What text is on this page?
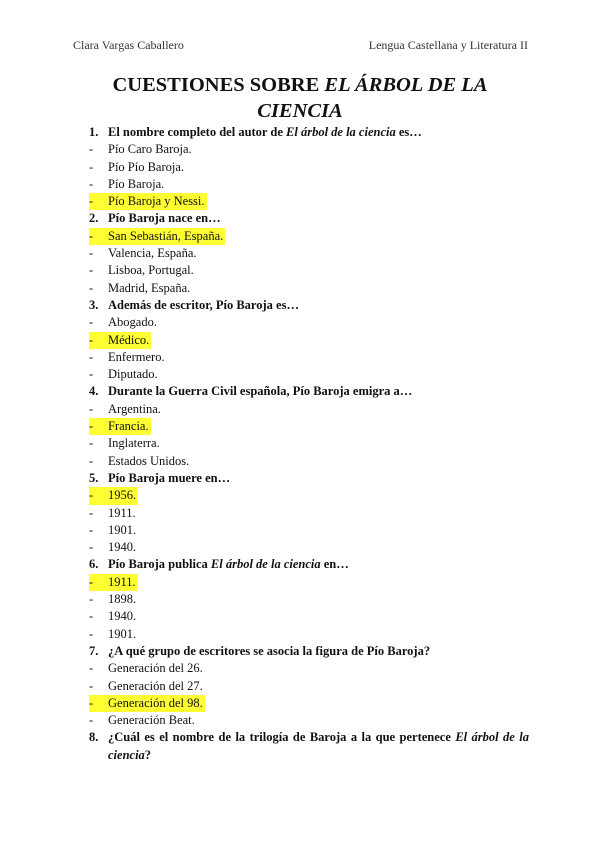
Clara Vargas Caballero	Lengua Castellana y Literatura II
CUESTIONES SOBRE EL ÁRBOL DE LA CIENCIA
1. El nombre completo del autor de El árbol de la ciencia es…
-	Pío Caro Baroja.
-	Pío Pío Baroja.
-	Pío Baroja.
-	Pío Baroja y Nessi.
2. Pío Baroja nace en…
-	San Sebastián, España.
-	Valencia, España.
-	Lisboa, Portugal.
-	Madrid, España.
3. Además de escritor, Pío Baroja es…
-	Abogado.
-	Médico.
-	Enfermero.
-	Diputado.
4. Durante la Guerra Civil española, Pío Baroja emigra a…
-	Argentina.
-	Francia.
-	Inglaterra.
-	Estados Unidos.
5. Pío Baroja muere en…
-	1956.
-	1911.
-	1901.
-	1940.
6. Pío Baroja publica El árbol de la ciencia en…
-	1911.
-	1898.
-	1940.
-	1901.
7. ¿A qué grupo de escritores se asocia la figura de Pío Baroja?
-	Generación del 26.
-	Generación del 27.
-	Generación del 98.
-	Generación Beat.
8. ¿Cuál es el nombre de la trilogía de Baroja a la que pertenece El árbol de la ciencia?
